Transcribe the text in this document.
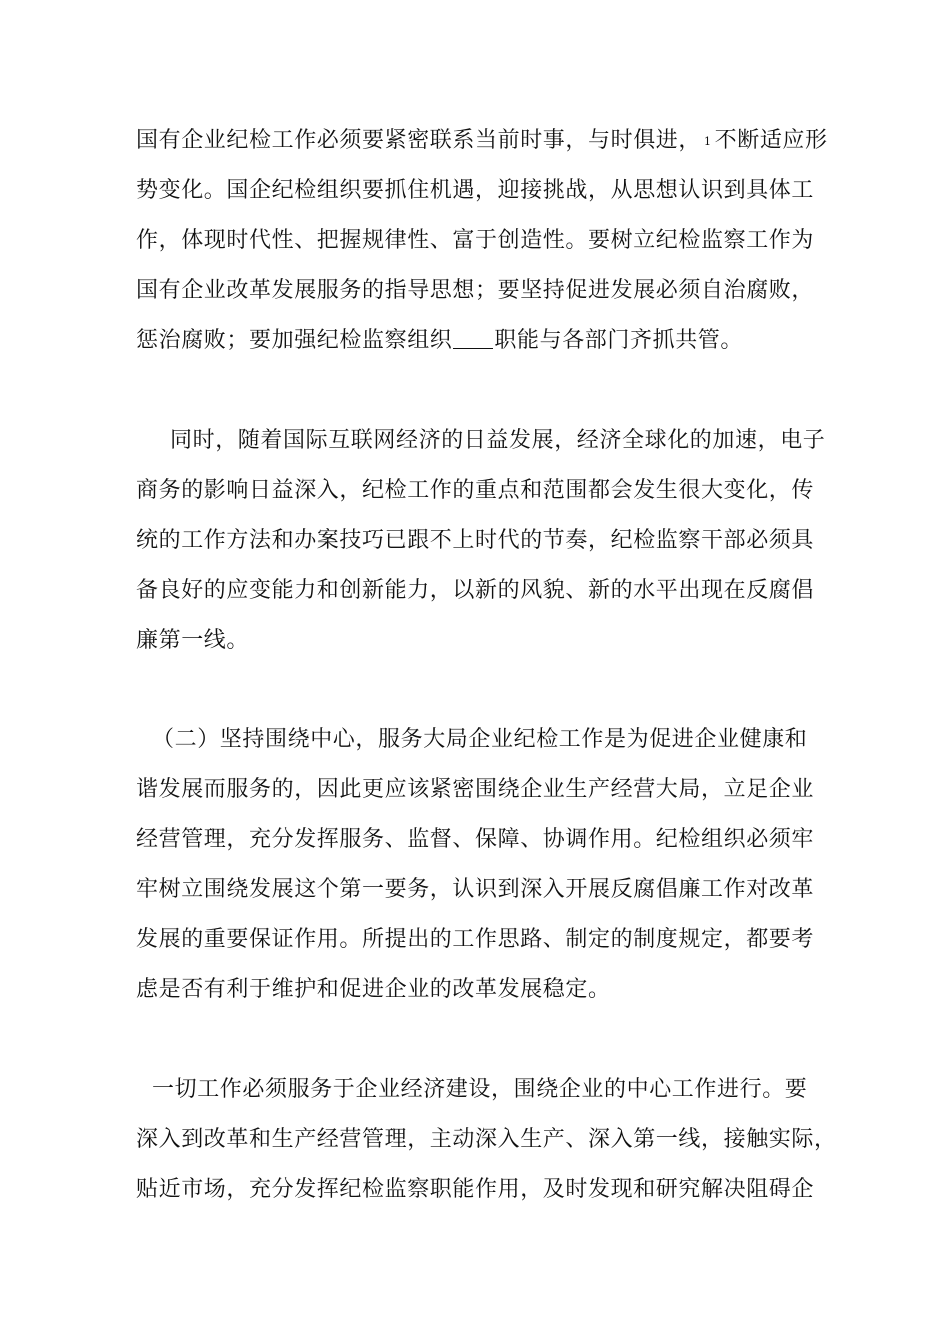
国有企业纪检工作必须要紧密联系当前时事，与时俱进， 1 不断适应形
势变化。国企纪检组织要抓住机遇，迎接挑战，从思想认识到具体工
作，体现时代性、把握规律性、富于创造性。要树立纪检监察工作为
国有企业改革发展服务的指导思想；要坚持促进发展必须自治腐败，
惩治腐败；要加强纪检监察组织 职能与各部门齐抓共管。
同时，随着国际互联网经济的日益发展，经济全球化的加速，电子
商务的影响日益深入，纪检工作的重点和范围都会发生很大变化，传
统的工作方法和办案技巧已跟不上时代的节奏，纪检监察干部必须具
备良好的应变能力和创新能力，以新的风貌、新的水平出现在反腐倡
廉第一线。
（二）坚持围绕中心，服务大局企业纪检工作是为促进企业健康和
谐发展而服务的，因此更应该紧密围绕企业生产经营大局，立足企业
经营管理，充分发挥服务、监督、保障、协调作用。纪检组织必须牢
牢树立围绕发展这个第一要务，认识到深入开展反腐倡廉工作对改革
发展的重要保证作用。所提出的工作思路、制定的制度规定，都要考
虑是否有利于维护和促进企业的改革发展稳定。
一切工作必须服务于企业经济建设，围绕企业的中心工作进行。要
深入到改革和生产经营管理，主动深入生产、深入第一线，接触实际，
贴近市场，充分发挥纪检监察职能作用，及时发现和研究解决阻碍企
